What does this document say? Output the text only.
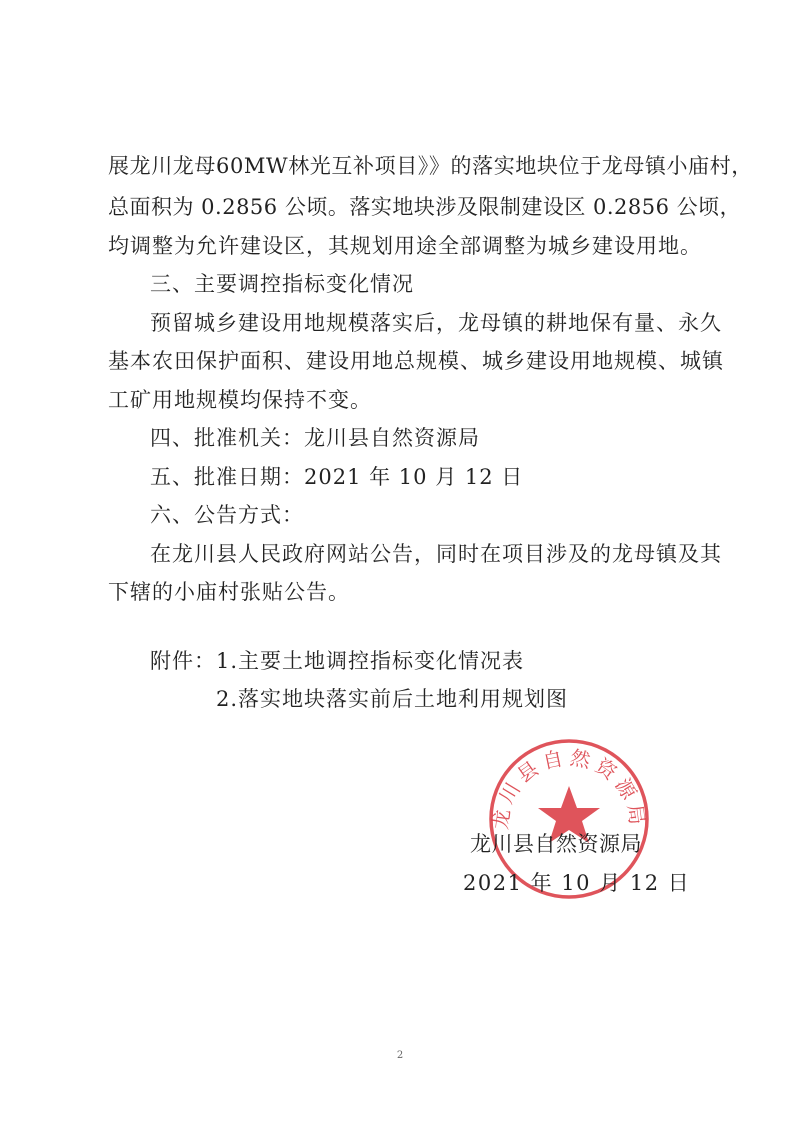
展龙川龙母60MW林光互补项目》》的落实地块位于龙母镇小庙村，
总面积为 0.2856 公顷。落实地块涉及限制建设区 0.2856 公顷，
均调整为允许建设区，其规划用途全部调整为城乡建设用地。
三、主要调控指标变化情况
预留城乡建设用地规模落实后，龙母镇的耕地保有量、永久
基本农田保护面积、建设用地总规模、城乡建设用地规模、城镇
工矿用地规模均保持不变。
四、批准机关：龙川县自然资源局
五、批准日期：2021 年 10 月 12 日
六、公告方式：
在龙川县人民政府网站公告，同时在项目涉及的龙母镇及其
下辖的小庙村张贴公告。
附件：1.主要土地调控指标变化情况表
2.落实地块落实前后土地利用规划图
龙川县自然资源局
龙川县自然资源局
2021 年 10 月 12 日
2
